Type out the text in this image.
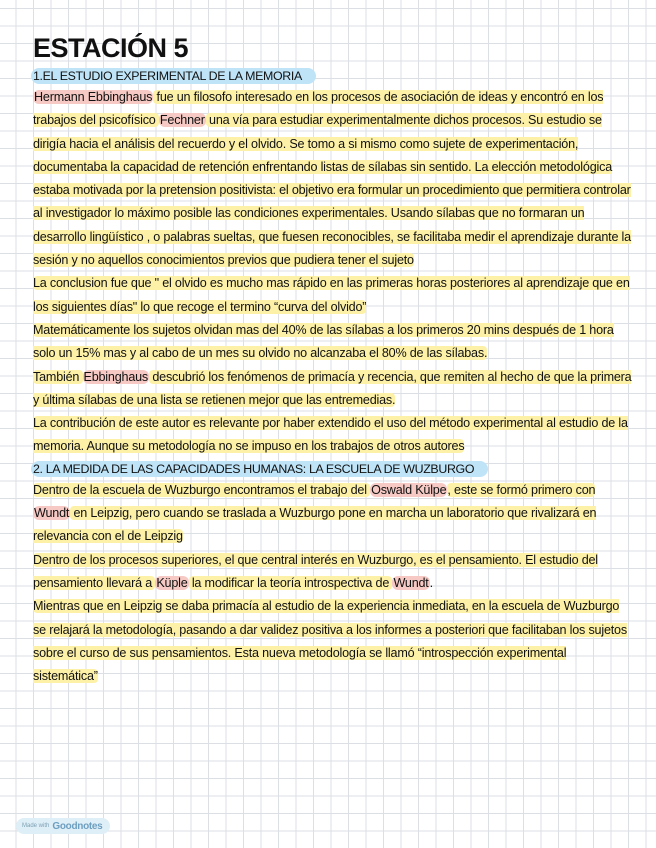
ESTACIÓN 5
1.EL ESTUDIO EXPERIMENTAL DE LA MEMORIA

Hermann Ebbinghaus fue un filosofo interesado en los procesos de asociación de ideas y encontró en los trabajos del psicofísico Fechner una vía para estudiar experimentalmente dichos procesos. Su estudio se dirigía hacia el análisis del recuerdo y el olvido. Se tomo a si mismo como sujete de experimentación, documentaba la capacidad de retención enfrentando listas de sílabas sin sentido. La elección metodológica estaba motivada por la pretension positivista: el objetivo era formular un procedimiento que permitiera controlar al investigador lo máximo posible las condiciones experimentales. Usando sílabas que no formaran un desarrollo lingüístico , o palabras sueltas, que fuesen reconocibles, se facilitaba medir el aprendizaje durante la sesión y no aquellos conocimientos previos que pudiera tener el sujeto

La conclusion fue que " el olvido es mucho mas rápido en las primeras horas posteriores al aprendizaje que en los siguientes días" lo que recoge el termino “curva del olvido”

Matemáticamente los sujetos olvidan mas del 40% de las sílabas a los primeros 20 mins después de 1 hora solo un 15% mas y al cabo de un mes su olvido no alcanzaba el 80% de las sílabas.

También Ebbinghaus descubrió los fenómenos de primacía y recencia, que remiten al hecho de que la primera y última sílabas de una lista se retienen mejor que las entremedias.

La contribución de este autor es relevante por haber extendido el uso del método experimental al estudio de la memoria. Aunque su metodología no se impuso en los trabajos de otros autores

2. LA MEDIDA DE LAS CAPACIDADES HUMANAS: LA ESCUELA DE WUZBURGO

Dentro de la escuela de Wuzburgo encontramos el trabajo del Oswald Külpe, este se formó primero con Wundt en Leipzig, pero cuando se traslada a Wuzburgo pone en marcha un laboratorio que rivalizará en relevancia con el de Leipzig

Dentro de los procesos superiores, el que central interés en Wuzburgo, es el pensamiento. El estudio del pensamiento llevará a Küple la modificar la teoría introspectiva de Wundt.

Mientras que en Leipzig se daba primacía al estudio de la experiencia inmediata, en la escuela de Wuzburgo se relajará la metodología, pasando a dar validez positiva a los informes a posteriori que facilitaban los sujetos sobre el curso de sus pensamientos. Esta nueva metodología se llamó “introspección experimental sistemática”

Made with Goodnotes
